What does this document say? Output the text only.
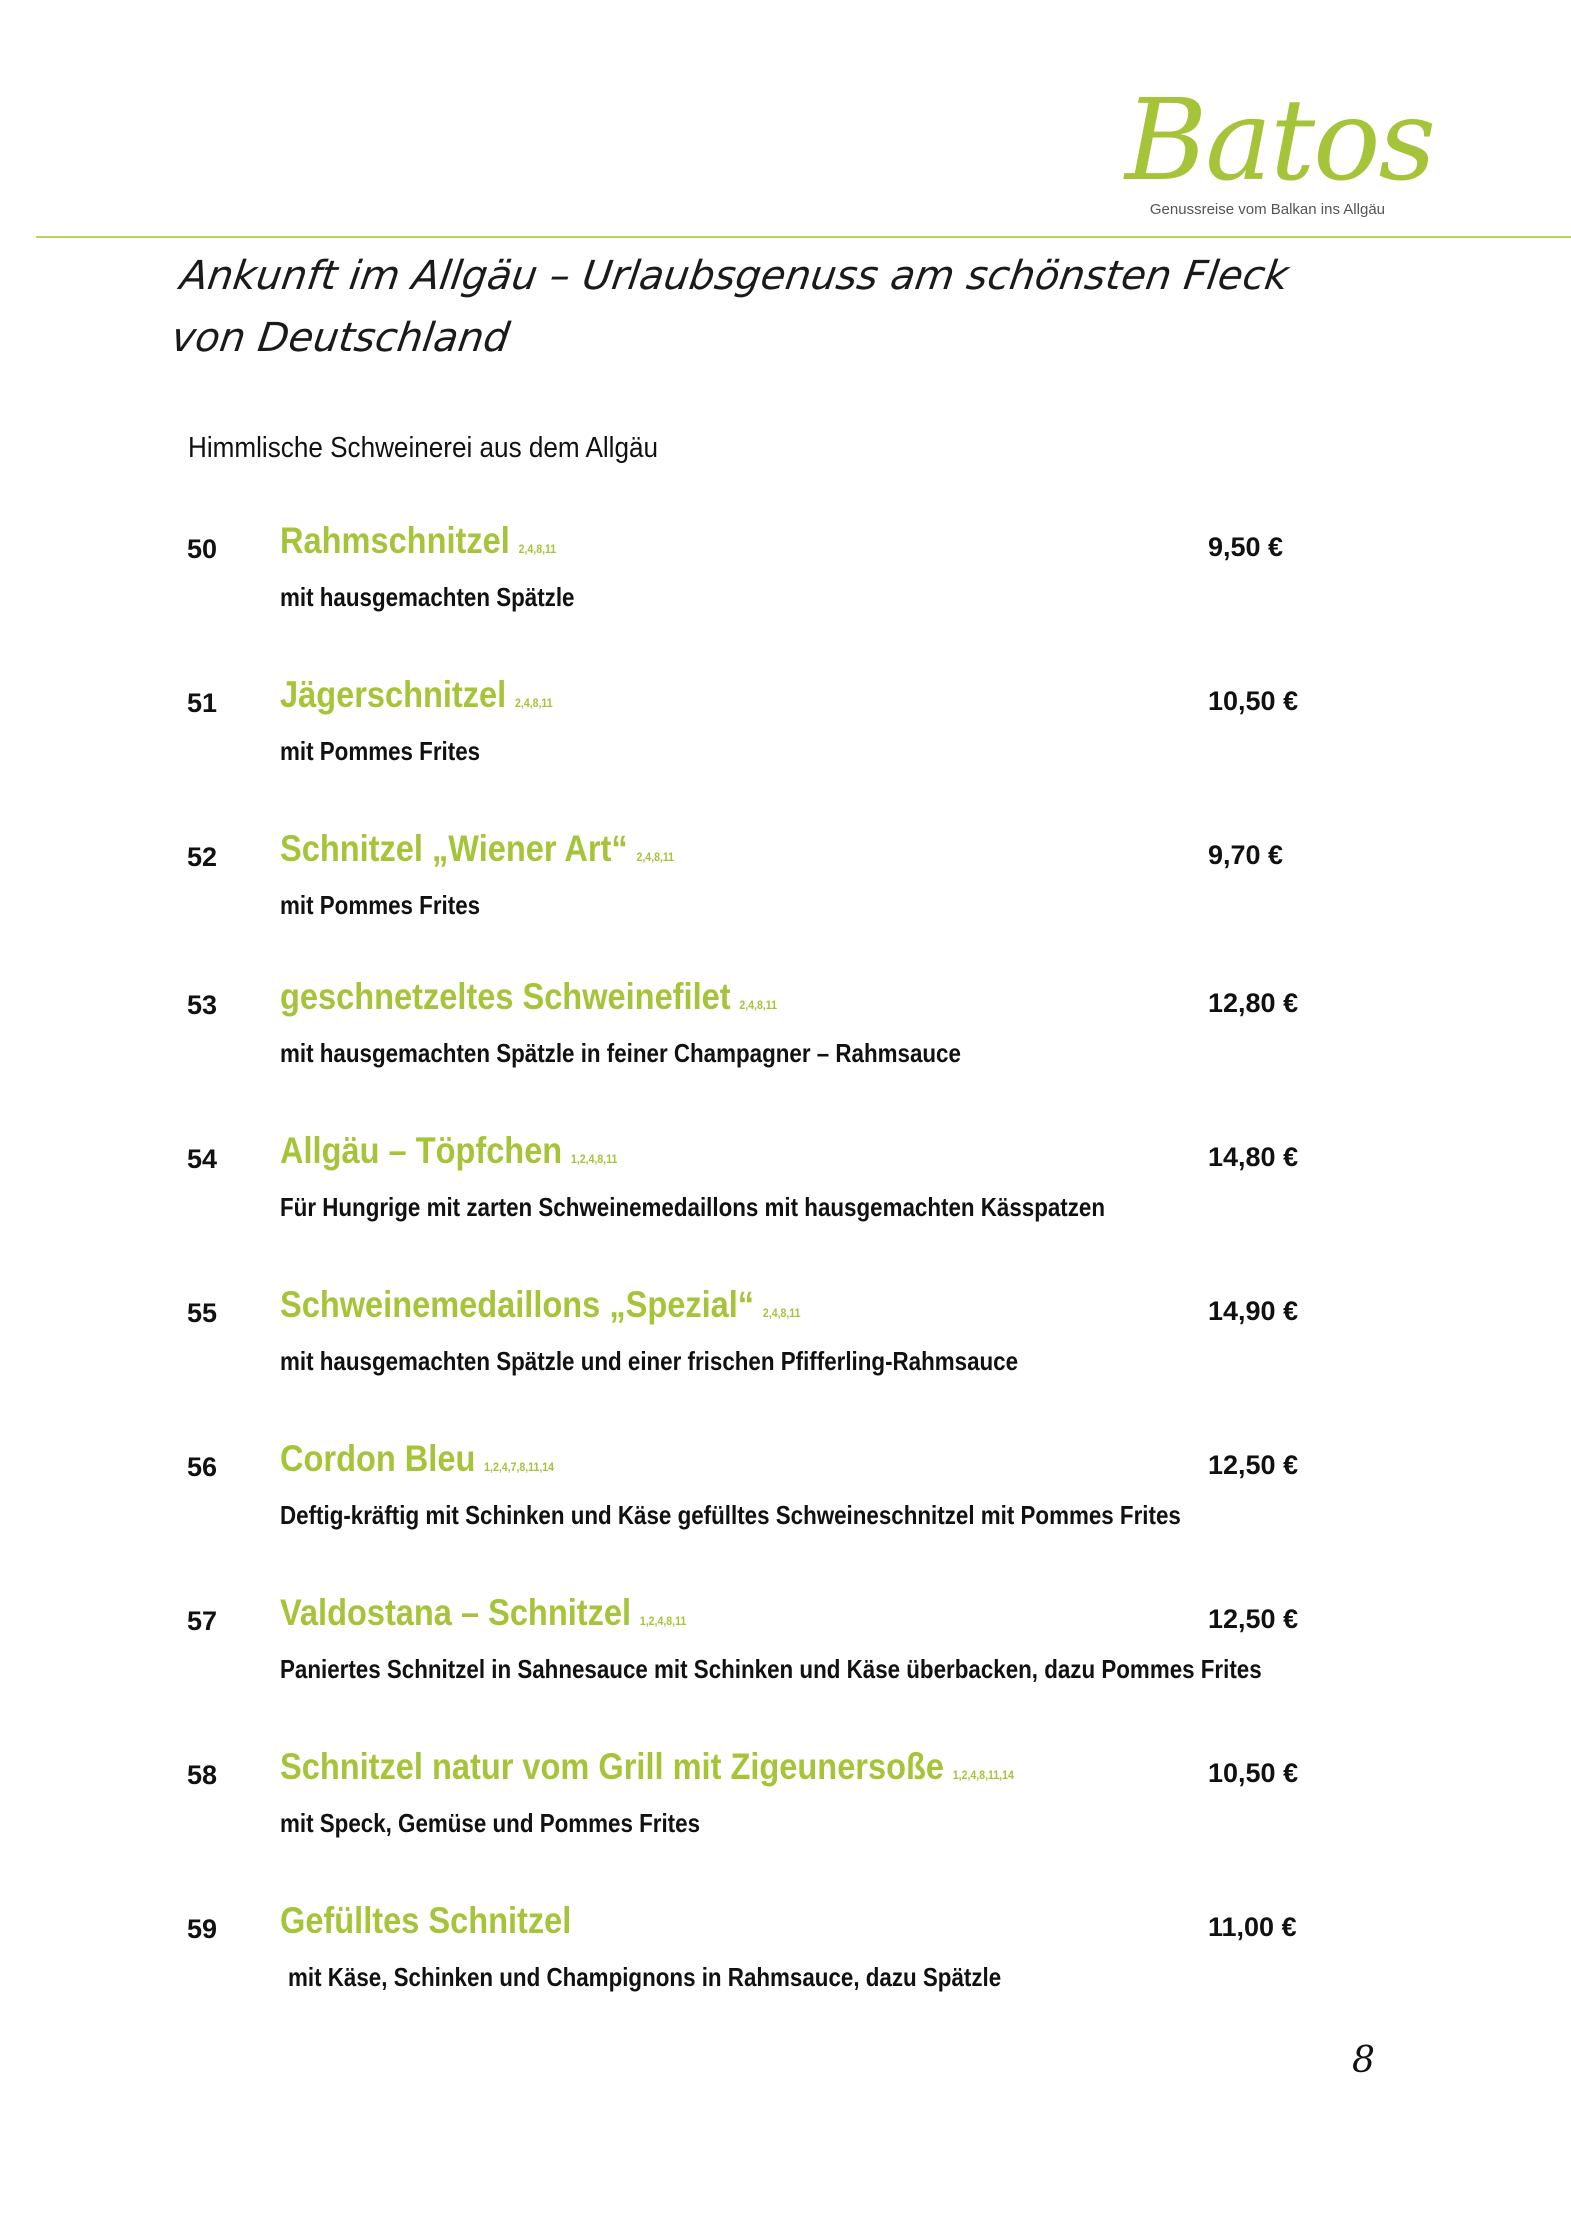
Batos
Genussreise vom Balkan ins Allgäu
Ankunft im Allgäu – Urlaubsgenuss am schönsten Fleck von Deutschland
Himmlische Schweinerei aus dem Allgäu
50 Rahmschnitzel 2,4,8,11	9,50 €
mit hausgemachten Spätzle
51 Jägerschnitzel 2,4,8,11	10,50 €
mit Pommes Frites
52 Schnitzel „Wiener Art“ 2,4,8,11	9,70 €
mit Pommes Frites
53 geschnetzeltes Schweinefilet 2,4,8,11	12,80 €
mit hausgemachten Spätzle in feiner Champagner – Rahmsauce
54 Allgäu – Töpfchen 1,2,4,8,11	14,80 €
Für Hungrige mit zarten Schweinemedaillons mit hausgemachten Kässpatzen
55 Schweinemedaillons „Spezial“ 2,4,8,11	14,90 €
mit hausgemachten Spätzle und einer frischen Pfifferling-Rahmsauce
56 Cordon Bleu 1,2,4,7,8,11,14	12,50 €
Deftig-kräftig mit Schinken und Käse gefülltes Schweineschnitzel mit Pommes Frites
57 Valdostana – Schnitzel 1,2,4,8,11	12,50 €
Paniertes Schnitzel in Sahnesauce mit Schinken und Käse überbacken, dazu Pommes Frites
58 Schnitzel natur vom Grill mit Zigeunersoße 1,2,4,8,11,14	10,50 €
mit Speck, Gemüse und Pommes Frites
59 Gefülltes Schnitzel	11,00 €
mit Käse, Schinken und Champignons in Rahmsauce, dazu Spätzle
8
